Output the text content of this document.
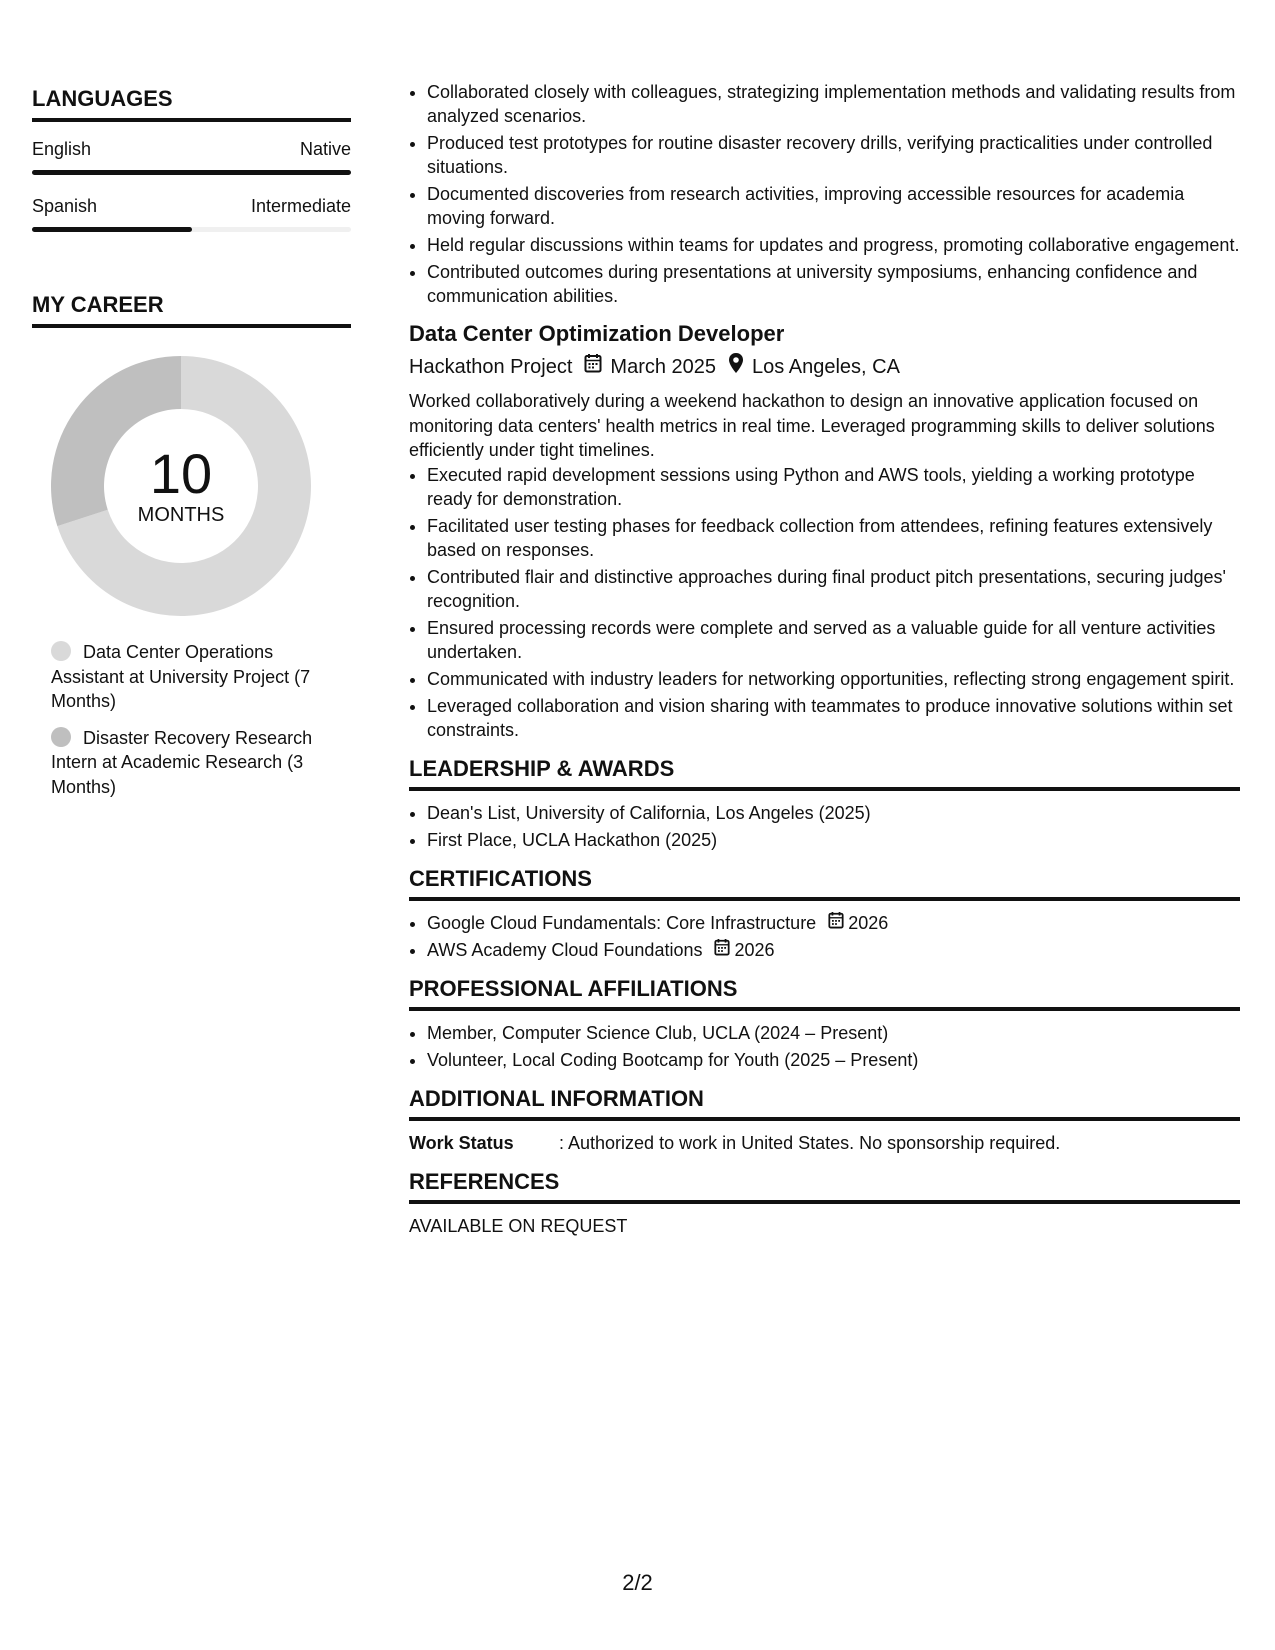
LANGUAGES
English	Native
Spanish	Intermediate
MY CAREER
10
MONTHS
Data Center Operations Assistant at University Project (7 Months)
Disaster Recovery Research Intern at Academic Research (3 Months)
• Collaborated closely with colleagues, strategizing implementation methods and validating results from analyzed scenarios.
• Produced test prototypes for routine disaster recovery drills, verifying practicalities under controlled situations.
• Documented discoveries from research activities, improving accessible resources for academia moving forward.
• Held regular discussions within teams for updates and progress, promoting collaborative engagement.
• Contributed outcomes during presentations at university symposiums, enhancing confidence and communication abilities.
Data Center Optimization Developer
Hackathon Project March 2025 Los Angeles, CA
Worked collaboratively during a weekend hackathon to design an innovative application focused on monitoring data centers' health metrics in real time. Leveraged programming skills to deliver solutions efficiently under tight timelines.
• Executed rapid development sessions using Python and AWS tools, yielding a working prototype ready for demonstration.
• Facilitated user testing phases for feedback collection from attendees, refining features extensively based on responses.
• Contributed flair and distinctive approaches during final product pitch presentations, securing judges' recognition.
• Ensured processing records were complete and served as a valuable guide for all venture activities undertaken.
• Communicated with industry leaders for networking opportunities, reflecting strong engagement spirit.
• Leveraged collaboration and vision sharing with teammates to produce innovative solutions within set constraints.
LEADERSHIP & AWARDS
• Dean's List, University of California, Los Angeles (2025)
• First Place, UCLA Hackathon (2025)
CERTIFICATIONS
• Google Cloud Fundamentals: Core Infrastructure 2026
• AWS Academy Cloud Foundations 2026
PROFESSIONAL AFFILIATIONS
• Member, Computer Science Club, UCLA (2024 – Present)
• Volunteer, Local Coding Bootcamp for Youth (2025 – Present)
ADDITIONAL INFORMATION
Work Status	: Authorized to work in United States. No sponsorship required.
REFERENCES
AVAILABLE ON REQUEST
2/2
